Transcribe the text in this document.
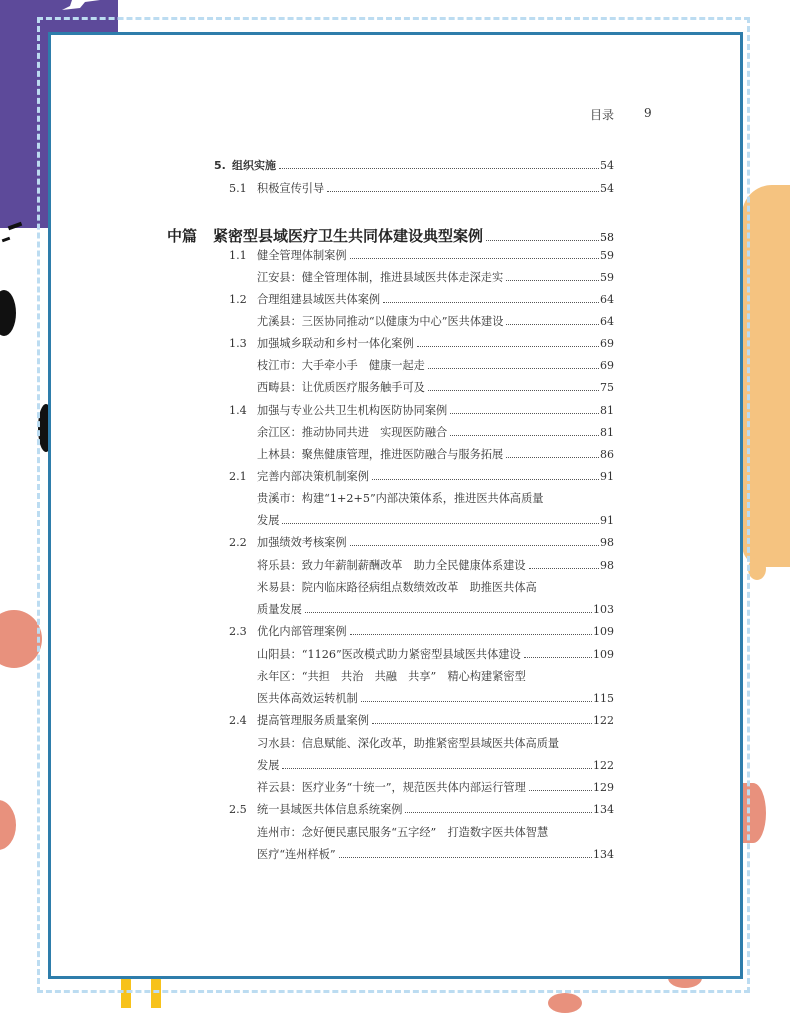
目录 9
5. 组织实施	54
5.1 积极宣传引导	54
中篇	紧密型县域医疗卫生共同体建设典型案例	58
1.1 健全管理体制案例	59
江安县：健全管理体制，推进县域医共体走深走实	59
1.2 合理组建县域医共体案例	64
尤溪县：三医协同推动“以健康为中心”医共体建设	64
1.3 加强城乡联动和乡村一体化案例	69
枝江市：大手牵小手　健康一起走	69
西畴县：让优质医疗服务触手可及	75
1.4 加强与专业公共卫生机构医防协同案例	81
余江区：推动协同共进　实现医防融合	81
上林县：聚焦健康管理，推进医防融合与服务拓展	86
2.1 完善内部决策机制案例	91
贵溪市：构建“1+2+5”内部决策体系，推进医共体高质量
发展	91
2.2 加强绩效考核案例	98
将乐县：致力年薪制薪酬改革　助力全民健康体系建设	98
米易县：院内临床路径病组点数绩效改革　助推医共体高
质量发展	103
2.3 优化内部管理案例	109
山阳县：“1126”医改模式助力紧密型县域医共体建设	109
永年区：“共担　共治　共融　共享”　精心构建紧密型
医共体高效运转机制	115
2.4 提高管理服务质量案例	122
习水县：信息赋能、深化改革，助推紧密型县域医共体高质量
发展	122
祥云县：医疗业务“十统一”，规范医共体内部运行管理	129
2.5 统一县域医共体信息系统案例	134
连州市：念好便民惠民服务“五字经”　打造数字医共体智慧
医疗“连州样板”	134
